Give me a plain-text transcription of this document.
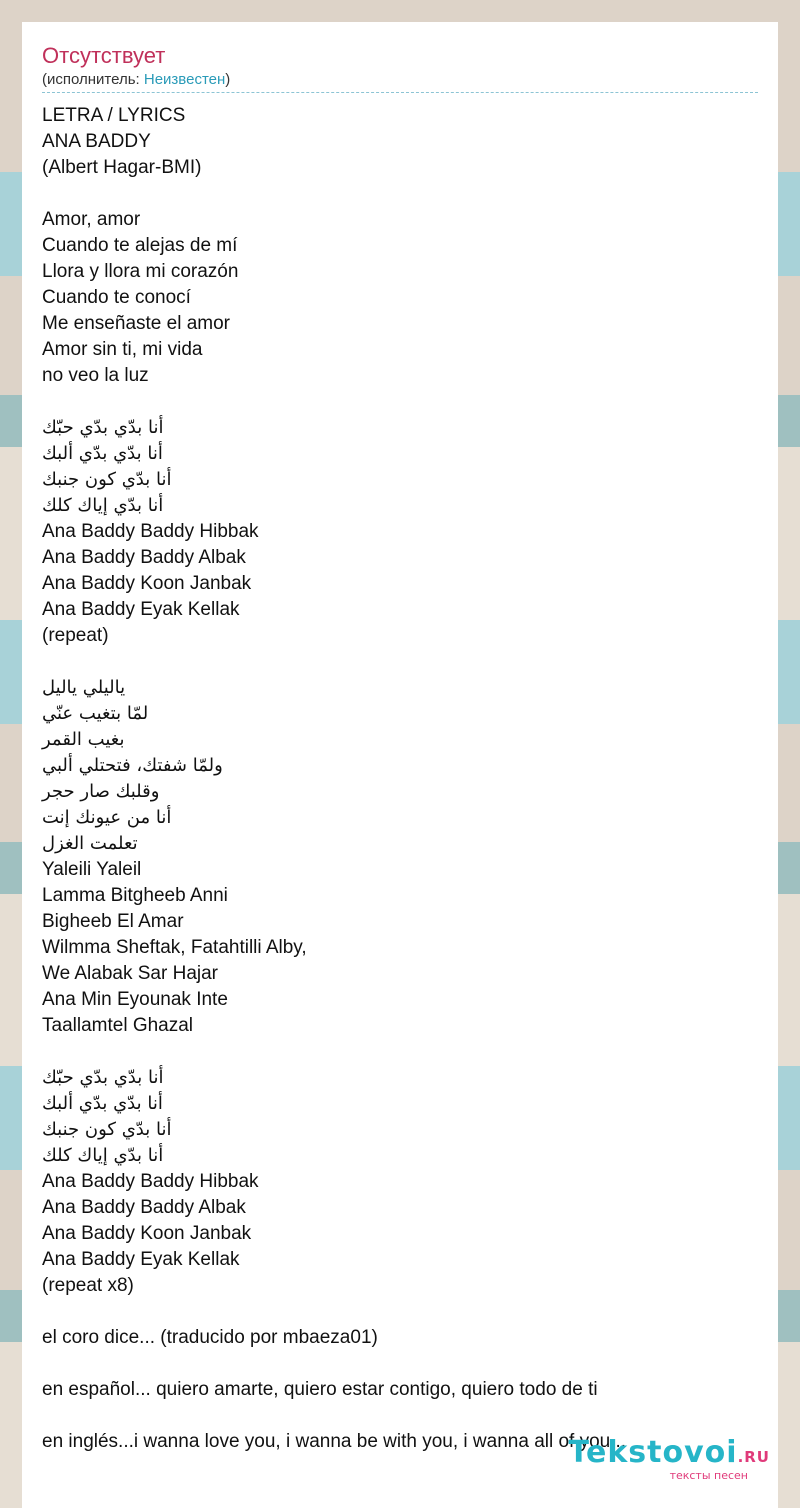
Отсутствует
(исполнитель: Неизвестен)
LETRA / LYRICS
ANA BADDY
(Albert Hagar-BMI)
Amor, amor
Cuando te alejas de mí
Llora y llora mi corazón
Cuando te conocí
Me enseñaste el amor
Amor sin ti, mi vida
no veo la luz
أنا بدّي بدّي حبّك
أنا بدّي بدّي ألبك
أنا بدّي كون جنبك
أنا بدّي إياك كلك
Ana Baddy Baddy Hibbak
Ana Baddy Baddy Albak
Ana Baddy Koon Janbak
Ana Baddy Eyak Kellak
(repeat)
ياليلي ياليل
لمّا بتغيب عنّي
بغيب القمر
ولمّا شفتك، فتحتلي ألبي
وقلبك صار حجر
أنا من عيونك إنت
تعلمت الغزل
Yaleili Yaleil
Lamma Bitgheeb Anni
Bigheeb El Amar
Wilmma Sheftak, Fatahtilli Alby,
We Alabak Sar Hajar
Ana Min Eyounak Inte
Taallamtel Ghazal
أنا بدّي بدّي حبّك
أنا بدّي بدّي ألبك
أنا بدّي كون جنبك
أنا بدّي إياك كلك
Ana Baddy Baddy Hibbak
Ana Baddy Baddy Albak
Ana Baddy Koon Janbak
Ana Baddy Eyak Kellak
(repeat x8)
el coro dice... (traducido por mbaeza01)
en español... quiero amarte, quiero estar contigo, quiero todo de ti
en inglés...i wanna love you, i wanna be with you, i wanna all of you...
Tekstovoi.RU
тексты песен
